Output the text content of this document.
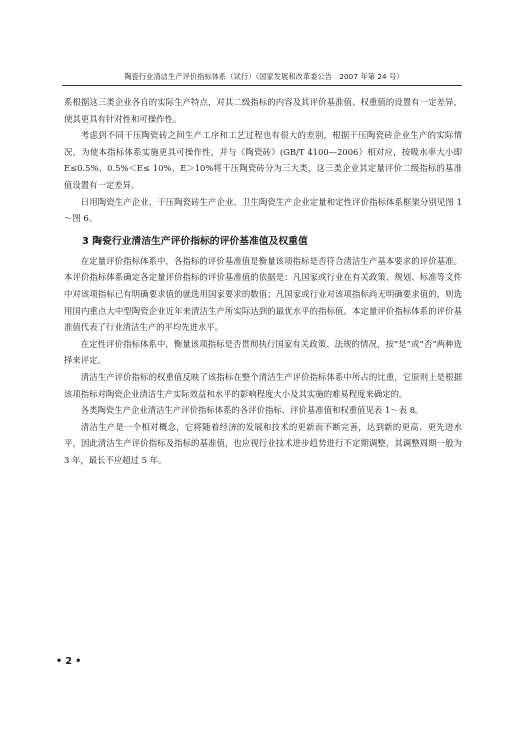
陶瓷行业清洁生产评价指标体系（试行）（国家发展和改革委公告　2007 年第 24 号）

系根据这三类企业各自的实际生产特点，对其二级指标的内容及其评价基准值、权重值的设置有一定差异，使其更具有针对性和可操作性。

考虑到不同干压陶瓷砖之间生产工序和工艺过程也有很大的差别，根据干压陶瓷砖企业生产的实际情况，为使本指标体系实施更具可操作性，并与《陶瓷砖》(GB/T 4100—2006）相对应，按吸水率大小即 E≤0.5%、0.5%＜E≤ 10%、E＞10%将干压陶瓷砖分为三大类，这三类企业其定量评价二级指标的基准值设置有一定差异。

日用陶瓷生产企业、干压陶瓷砖生产企业、卫生陶瓷生产企业定量和定性评价指标体系框架分别见图 1～图 6。

3 陶瓷行业清洁生产评价指标的评价基准值及权重值

在定量评价指标体系中，各指标的评价基准值是衡量该项指标是否符合清洁生产基本要求的评价基准。本评价指标体系确定各定量评价指标的评价基准值的依据是：凡国家或行业在有关政策、规划、标准等文件中对该项指标已有明确要求值的就选用国家要求的数值；凡国家或行业对该项指标尚无明确要求值的，则选用国内重点大中型陶瓷企业近年来清洁生产所实际达到的最优水平的指标值。本定量评价指标体系的评价基准值代表了行业清洁生产的平均先进水平。

在定性评价指标体系中，衡量该项指标是否贯彻执行国家有关政策、法规的情况，按“是”或“否”两种选择来评定。

清洁生产评价指标的权重值反映了该指标在整个清洁生产评价指标体系中所占的比重，它原则上是根据该项指标对陶瓷企业清洁生产实际效益和水平的影响程度大小及其实施的难易程度来确定的。

各类陶瓷生产企业清洁生产评价指标体系的各评价指标、评价基准值和权重值见表 1～表 8。

清洁生产是一个相对概念，它将随着经济的发展和技术的更新而不断完善，达到新的更高、更先进水平，因此清洁生产评价指标及指标的基准值，也应视行业技术进步趋势进行不定期调整，其调整周期一般为 3 年，最长不应超过 5 年。

• 2 •
